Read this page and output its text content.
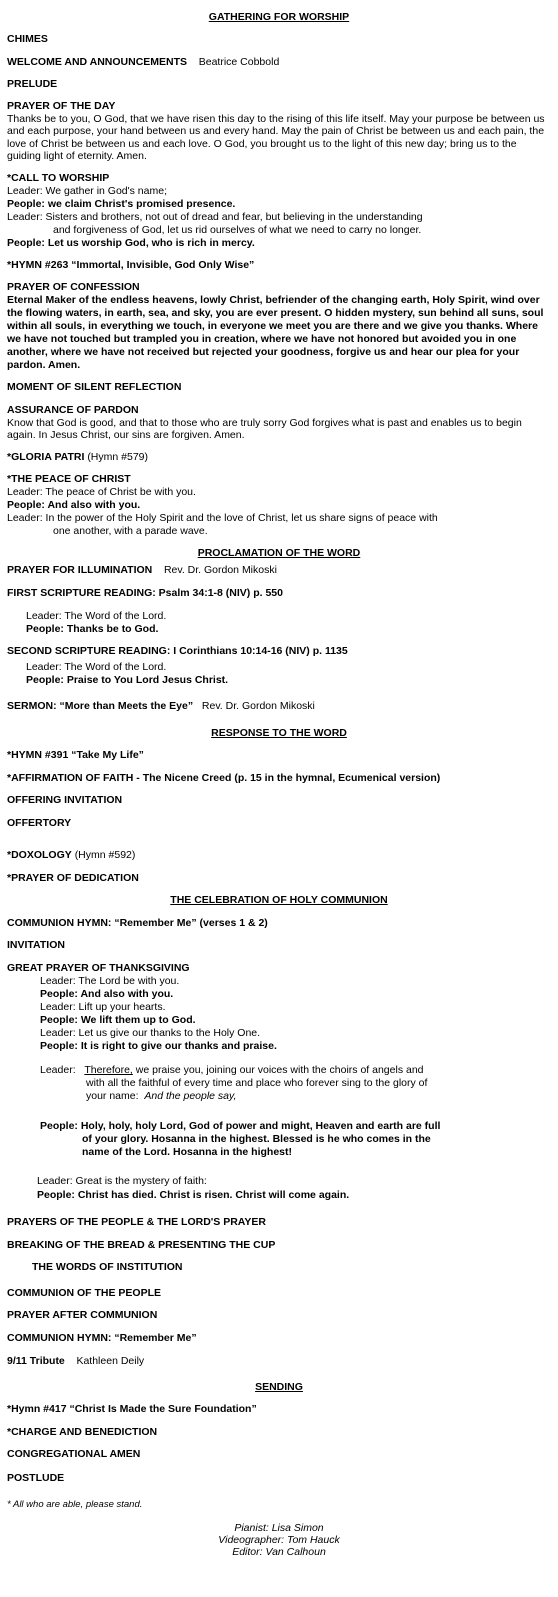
GATHERING FOR WORSHIP
CHIMES
WELCOME AND ANNOUNCEMENTS Beatrice Cobbold
PRELUDE
PRAYER OF THE DAY
Thanks be to you, O God, that we have risen this day to the rising of this life itself. May your purpose be between us and each purpose, your hand between us and every hand. May the pain of Christ be between us and each pain, the love of Christ be between us and each love. O God, you brought us to the light of this new day; bring us to the guiding light of eternity. Amen.
*CALL TO WORSHIP
Leader: We gather in God's name;
People: we claim Christ's promised presence.
Leader: Sisters and brothers, not out of dread and fear, but believing in the understanding
and forgiveness of God, let us rid ourselves of what we need to carry no longer.
People: Let us worship God, who is rich in mercy.
*HYMN #263 “Immortal, Invisible, God Only Wise”
PRAYER OF CONFESSION
Eternal Maker of the endless heavens, lowly Christ, befriender of the changing earth, Holy Spirit, wind over the flowing waters, in earth, sea, and sky, you are ever present. O hidden mystery, sun behind all suns, soul within all souls, in everything we touch, in everyone we meet you are there and we give you thanks. Where we have not touched but trampled you in creation, where we have not honored but avoided you in one another, where we have not received but rejected your goodness, forgive us and hear our plea for your pardon. Amen.
MOMENT OF SILENT REFLECTION
ASSURANCE OF PARDON
Know that God is good, and that to those who are truly sorry God forgives what is past and enables us to begin again. In Jesus Christ, our sins are forgiven. Amen.
*GLORIA PATRI (Hymn #579)
*THE PEACE OF CHRIST
Leader: The peace of Christ be with you.
People: And also with you.
Leader: In the power of the Holy Spirit and the love of Christ, let us share signs of peace with
one another, with a parade wave.
PROCLAMATION OF THE WORD
PRAYER FOR ILLUMINATION Rev. Dr. Gordon Mikoski
FIRST SCRIPTURE READING: Psalm 34:1-8 (NIV) p. 550
Leader: The Word of the Lord.
People: Thanks be to God.
SECOND SCRIPTURE READING: I Corinthians 10:14-16 (NIV) p. 1135
Leader: The Word of the Lord.
People: Praise to You Lord Jesus Christ.
SERMON: “More than Meets the Eye” Rev. Dr. Gordon Mikoski
RESPONSE TO THE WORD
*HYMN #391 “Take My Life”
*AFFIRMATION OF FAITH - The Nicene Creed (p. 15 in the hymnal, Ecumenical version)
OFFERING INVITATION
OFFERTORY
*DOXOLOGY (Hymn #592)
*PRAYER OF DEDICATION
THE CELEBRATION OF HOLY COMMUNION
COMMUNION HYMN: “Remember Me” (verses 1 & 2)
INVITATION
GREAT PRAYER OF THANKSGIVING
Leader: The Lord be with you.
People: And also with you.
Leader: Lift up your hearts.
People: We lift them up to God.
Leader: Let us give our thanks to the Holy One.
People: It is right to give our thanks and praise.
Leader: Therefore, we praise you, joining our voices with the choirs of angels and
with all the faithful of every time and place who forever sing to the glory of
your name: And the people say,
People: Holy, holy, holy Lord, God of power and might, Heaven and earth are full
of your glory. Hosanna in the highest. Blessed is he who comes in the
name of the Lord. Hosanna in the highest!
Leader: Great is the mystery of faith:
People: Christ has died. Christ is risen. Christ will come again.
PRAYERS OF THE PEOPLE & THE LORD'S PRAYER
BREAKING OF THE BREAD & PRESENTING THE CUP
THE WORDS OF INSTITUTION
COMMUNION OF THE PEOPLE
PRAYER AFTER COMMUNION
COMMUNION HYMN: “Remember Me”
9/11 Tribute Kathleen Deily
SENDING
*Hymn #417 “Christ Is Made the Sure Foundation”
*CHARGE AND BENEDICTION
CONGREGATIONAL AMEN
POSTLUDE
* All who are able, please stand.
Pianist: Lisa Simon
Videographer: Tom Hauck
Editor: Van Calhoun
